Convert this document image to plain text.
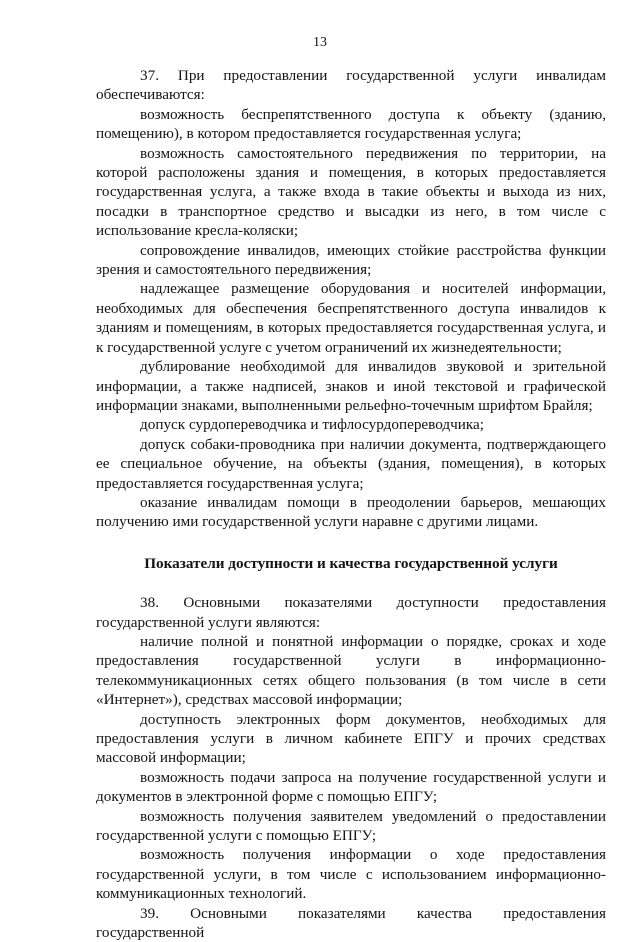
13

37. При предоставлении государственной услуги инвалидам обеспечиваются:

возможность беспрепятственного доступа к объекту (зданию, помещению), в котором предоставляется государственная услуга;

возможность самостоятельного передвижения по территории, на которой расположены здания и помещения, в которых предоставляется государственная услуга, а также входа в такие объекты и выхода из них, посадки в транспортное средство и высадки из него, в том числе с использование кресла-коляски;

сопровождение инвалидов, имеющих стойкие расстройства функции зрения и самостоятельного передвижения;

надлежащее размещение оборудования и носителей информации, необходимых для обеспечения беспрепятственного доступа инвалидов к зданиям и помещениям, в которых предоставляется государственная услуга, и к государственной услуге с учетом ограничений их жизнедеятельности;

дублирование необходимой для инвалидов звуковой и зрительной информации, а также надписей, знаков и иной текстовой и графической информации знаками, выполненными рельефно-точечным шрифтом Брайля;

допуск сурдопереводчика и тифлосурдопереводчика;

допуск собаки-проводника при наличии документа, подтверждающего ее специальное обучение, на объекты (здания, помещения), в которых предоставляется государственная услуга;

оказание инвалидам помощи в преодолении барьеров, мешающих получению ими государственной услуги наравне с другими лицами.

Показатели доступности и качества государственной услуги

38. Основными показателями доступности предоставления государственной услуги являются:

наличие полной и понятной информации о порядке, сроках и ходе предоставления государственной услуги в информационно-телекоммуникационных сетях общего пользования (в том числе в сети «Интернет»), средствах массовой информации;

доступность электронных форм документов, необходимых для предоставления услуги в личном кабинете ЕПГУ и прочих средствах массовой информации;

возможность подачи запроса на получение государственной услуги и документов в электронной форме с помощью ЕПГУ;

возможность получения заявителем уведомлений о предоставлении государственной услуги с помощью ЕПГУ;

возможность получения информации о ходе предоставления государственной услуги, в том числе с использованием информационно-коммуникационных технологий.

39. Основными показателями качества предоставления государственной
